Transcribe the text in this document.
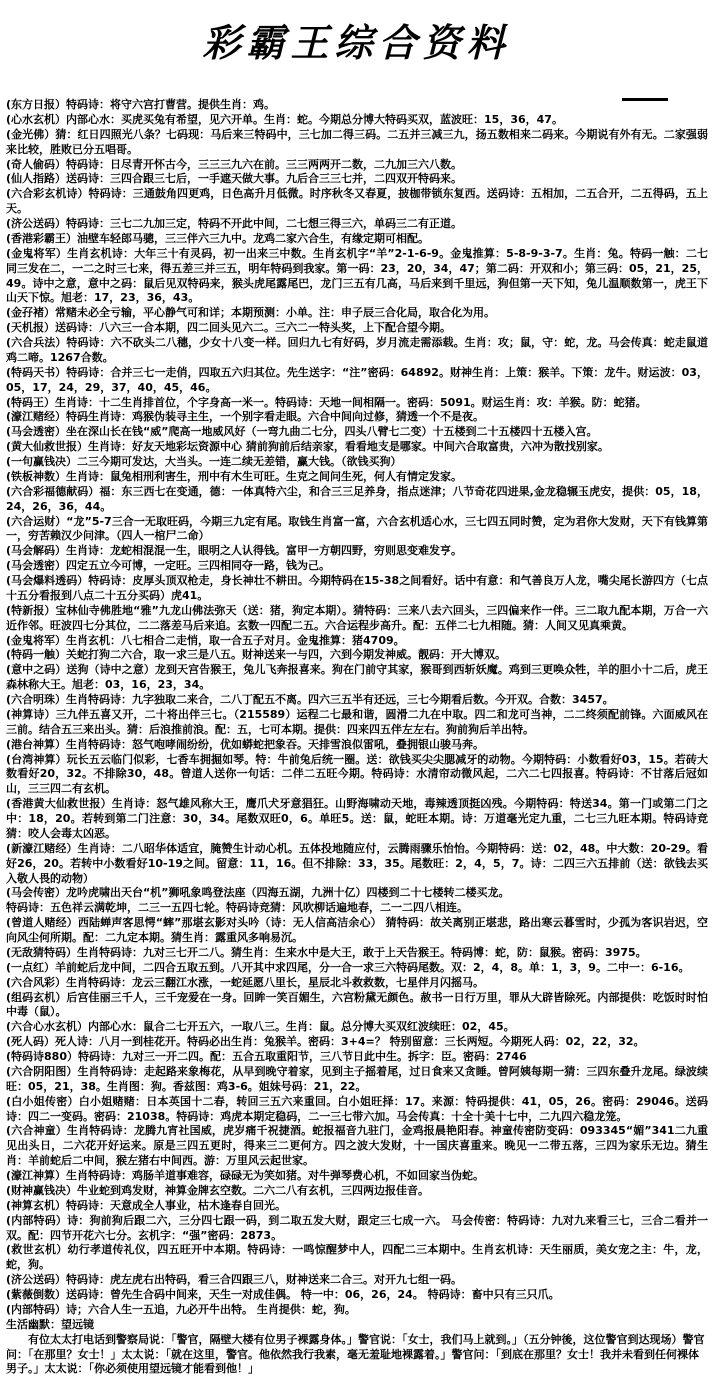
彩霸王综合资料

(东方日报）特码诗：将守六宫打曹营。提供生肖：鸡。

(心水玄机）内部心水：买虎买兔有希望，见六开单。生肖：蛇。今期总分博大特码买双，蓝波旺：15，36，47。

(金光佛）猜：红日四照光八条？七码现：马后来三特码中，三七加二得三码。二五并三减三九，扬五数相来二码来。今期说有外有无。二家强弱来比较，胜败已分五唱哥。

(奇人偷码）特码诗：日尽青开怀古今，三三三九六在前。三三两两开二数，二九加三六八数。

(仙人指路）送码诗：三四合跟三七后，一手遮天做大事。九后合三三七并，二四双开特码来。

(六合彩玄机诗）特码诗：三通鼓角四更鸡，日色高升月低微。时序秋冬又春夏，披枷带锁东复西。送码诗：五相加，二五合开，二五得码，五上天。

(济公送码）特码诗：三七二九加三定，特码不开此中间，二七想三得三六，单码三二有正道。

(香港彩霸王）油壁车轻郎马骢，三三伴六三九中。龙鸡二家六合生，有缘定期可相配。

(金鬼将军）生肖玄机诗：大年三十有灵码，初一出来三中数。生肖玄机字“羊”2-1-6-9。金鬼推算：5-8-9-3-7。生肖：兔。特码一触：二七同三发在二，一二之时三七来，得五差三并三五，明年特码到我家。第一码：23，20，34，47；第二码：开双和小；第三码：05，21，25，49。诗中之意，意中之码：鼠后见双特码来，猴头虎尾露尾巴，龙门三五有几高，马后来到千里远，狗但第一天下知，兔儿温顺数第一，虎王下山天下惊。旭老：17，23，36，43。

(金孖褚）常赌未必全亏输，平心静气可和详；本期预测：小单。注：申子辰三合化局，取合化为用。

(天机报）送码诗：八六三一合本期，四二回头见六二。三六二一特头奖，上下配合望今期。

(六合兵法）特码诗：六不砍头二八穗，少女十八变一样。回归九七有好码，岁月流走需添载。生肖：攻；鼠，守：蛇，龙。马会传真：蛇走鼠道鸡二啼。1267合数。

(特码天书）特码诗：合并三七一走俏，四取五六归其位。先生送字：“注”密码：64892。财神生肖：上策：猴羊。下策：龙牛。财运波：03，05，17，24，29，37，40，45，46。

(特码王）生肖诗：十二生肖排首位，个字身高一米一。特码诗：天地一间相隔一。密码：5091。财运生肖：攻：羊猴。防：蛇猪。

(濠江赌经）特码生肖诗：鸡猴伪装寻主生，一个别字看走眼。六合中间向过修，猜透一个不是夜。

(马会透密）坐在深山长在钱“威”爬高一地威风好（一弯九曲二七分，四头八臂七二变）十五楼到二十五楼四十五楼入宫。

(黄大仙救世报）生肖诗：好友天地彩坛资源中心 猜前狗前后结亲家，看看地支是哪家。中间六合取富贵，六冲为散找别家。

(一句赢钱决）二三今期可发达，大当头。一连二续无差错，赢大钱。（欲钱买狗）

(铁板神数）生肖诗：鼠兔相刑利害生，刑中有木生可旺。生克之间问生死，何人有情定发家。

(六合彩福德献码）福：东三西七在变通，德：一体真特六尘，和合三三足养身，指点迷津；八节奇花四进果,金龙稳辗玉虎安，提供：05，18，24，26，36，44。

(六合运财）“龙”5-7三合一无取旺码，今期三九定有尾。取钱生肖富一富，六合玄机适心水，三七四五同时赞，定为君你大发财，天下有钱算第一，穷苦赖汉少问津。（四人一棺尸二命）

(马会解码）生肖诗：龙蛇相混混一生，眼明之人认得钱。富甲一方朝四野，穷则思变难发亨。

(马会透密）四定五立今可博，一定旺。三四相同夺一路，钱为己。

(马会爆料透码）特码诗：皮厚头顶双枪走，身长神壮不耕田。今期特码在15-38之间看好。话中有意：和气善良万人龙，嘴尖尾长游四方（七点十五分看报到八点二十五分买码）虎41。

(特新报）宝林仙寺佛胜地“雅”九龙山佛法弥天（送：猪，狗定本期）。猜特码：三来八去六回头，三四偏来作一伴。三二取九配本期，万合一六近作邻。旺波四七分其位，二二落差马后来追。玄数一四配二五。六合运程步高升。配：五伴二七九相随。猜：人间又见真乘黄。

(金鬼将军）生肖玄机：八七相合二走悄，取一合五子对月。金鬼推算：猪4709。

(特码一触）关蛇打狗二六合，取一求三是八五。财神送来一与四，六到今期发神威。靓码：开大博双。

(意中之码）送狗（诗中之意）龙到天宫告猴王，兔儿飞奔报喜来。狗在门前守其家，猴哥到西斩妖魔。鸡到三更唤众牲，羊的胆小十二后，虎王森林称大王。旭老：03，16，23，34。

(六合明珠）生肖特码诗：九字独取二来合，二八丁配五不离。四六三五半有还远，三七今期看后数。今开双。合数：3457。

(神算诗）三九伴五喜又开，二十将出伴三七。（215589）运程二七最和谐，圆滑二九在中取。四二和龙可当神，二二终须配前锋。六面威风在三前。结合五三来出头。猜：后浪推前浪。配：五，七可本期。提供：四来四五伴左左右。狗前狗后羊出特。

(港台神算）生肖特码诗：怒气咆哮闹纷纷，优如蟒蛇把象吞。天排雪浪似雷吼，叠拥银山骏马奔。

(台湾神算）玩长五云临门似彩，七香车拥掘如琴。特：牛前兔后统一圈。送：欲钱买尖尖腮减牙的动物。今期特码：小数看好03，15。若砖大数看好20，32。不排除30，48。曾道人送你一句话：二伴二五旺今期。特码诗：水清帘动微风起，二六二七四报喜。特码诗：不甘落后冠如山，三三四二有玄机。

(香港黄大仙救世报）生肖诗：怒气雄风称大王，鹰爪犬牙意猖狂。山野海啸动天地，毒辣透顶挺凶残。今期特码：特送34。第一门或第二门之中：18，20。若转到第二门注意：30，34。尾数双旺0，6。单旺5。送：鼠，蛇旺本期。诗：万道毫光定九重，二七三九旺本期。特码诗竞猜：咬人会毒太凶恶。

(新濠江赌经）生肖诗：二八昭华体适宜，腌赞生计动心机。五体投地随应付，云腾雨骤乐怡怡。今期特码：送：02，48。中大数：20-29。看好26，20。若转中小数看好10-19之间。留意：11，16。但不排除：33，35。尾数旺：2，4，5，7。诗：二四三六五排前（送：欲钱去买入敬人畏的动物）

(马会传密）龙吟虎啸出天台“机”狮吼象鸣登法座（四海五湖，九洲十亿）四楼到二十七楼转二楼买龙。

特码诗：五色祥云满乾坤，二三一五四七轮。特码诗竞猜：风吹柳话遍地春，二一二四八相连。

(曾道人赌经）西陆蝉声客思愕“蟀”那堪玄影对头吟（诗：无人信高洁余心） 猜特码：故关离别正堪悲，路出寒云暮雪时，少孤为客识岩迟，空向风尘何所期。配：二九定本期。猜生肖：露重风多响易沉。

(无敌猜特码）生肖特码诗：九对三七开二八。猜生肖：生来水中是大王，敢于上天告猴王。特码博：蛇，防：鼠猴。密码：3975。

(一点红）羊前蛇后龙中间，二四合五取五到。八开其中求四尾，分一合一求三六特码尾数。双：2，4，8。单：1，3，9。二中一：6-16。

(六合风彩）生肖特码诗：龙云三翻江水涨，一蛇延愿八里长，星辰北斗救救数，七星伴月闪摇马。

(组码玄机）后宫佳丽三千人，三千宠爱在一身。回眸一笑百媚生，六宫粉黛无颜色。赦书一日行万里，罪从大辟皆除死。内部提供：吃饭时时怕中毒（鼠）。

(六合心水玄机）内部心水：鼠合二七开五六，一取八三。生肖：鼠。总分博大买双红波续旺：02，45。

(死人码）死人诗：八月一到桂花开。特码必出生肖：兔猴羊。密码：3+4=？ 特别留意：三长两短。今期死人码：02，22，32。

(特码诗880）特码诗：九对三一开二四。配：五合五取重阳节，三八节日此中生。拆字：臣。密码：2746

(六合阴阳图）生肖特码诗：走起路来象梅花，从早到晚守着家，见到主子摇着尾，过日食来又贪睡。曾阿姨每期一猜：三四东叠升龙尾。绿波续旺：05，21，38。生肖图：狗。香兹图：鸡3-6。姐妹号码：21，22。

(白小姐传密）白小姐赌赌：日本英国十二春，转回三五六来重回。白小姐旺择：17。来源：特码提供：41，05，26。密码：29046。送码诗：四二一变码。密码：21038。特码诗：鸡虎本期定稳码，二一三七带六加。马会传真：十全十美十七中，二九四六稳龙笼。

(六合神童）生肖特码诗：龙腾九宵社国威，虎岁痛千祝捷酒。蛇报福音九驻门，金鸡报晨艳阳春。神童传密防变码：093345“媚”341二九重见出头日，二六花开好运来。原是三四五更时，得来三二更何方。四之波大发财，十一国庆喜重来。晚见一二带五落，三四为家乐无边。猜生肖：羊前蛇后二中间，猴左猪右中间西。游：万里风云起世家。

(濠江神算）生肖特码诗：鸡肠羊道事难容，碌碌无为笑如猪。对牛弹琴费心机，不如回家当伪蛇。

(财神赢钱决）牛业蛇到鸡发财，神算金牌玄空数。二六二八有玄机，三四两边报佳音。

(神算玄机）特码诗：天意成全人事业，枯木逢春自回光。

(内部特码）诗：狗前狗后跟二六，三分四七跟一码，到二取五发大财，跟定三七成一六。 马会传密：特码诗：九对九来看三七，三合二看并一双。配：四节开花六七分。玄机字：“强”密码：2873。

(救世玄机）幼行孝道传礼仪，四五旺开中本期。特码诗：一鸣惊醒梦中人，四配二三本期中。生肖玄机诗：天生丽质，美女宠之主：牛，龙，蛇，狗。

(济公送码）特码诗：虎左虎右出特码，看三合四跟三八，财神送来二合三。对开九七组一码。

(紫薇倒数）送码诗：曾先生合码中间来，天生一对成佳偶。 特一中：06，26，24。 特码诗：畜中只有三只爪。

(内部特码）诗；六合人生一五追，九必开牛出特。 生肖提供：蛇，狗。

生活幽默：望远镜

有位太太打电话到警察局说：「警官，隔壁大楼有位男子裸露身体。」警官说：「女士，我们马上就到。」（五分钟後，这位警官到达现场）警官问：「在那里？女士！」太太说：「就在这里，警官。他依然我行我素，毫无羞耻地裸露着。」警官问：「到底在那里？女士！我并未看到任何裸体男子。」太太说：「你必须使用望远镜才能看到他！」
